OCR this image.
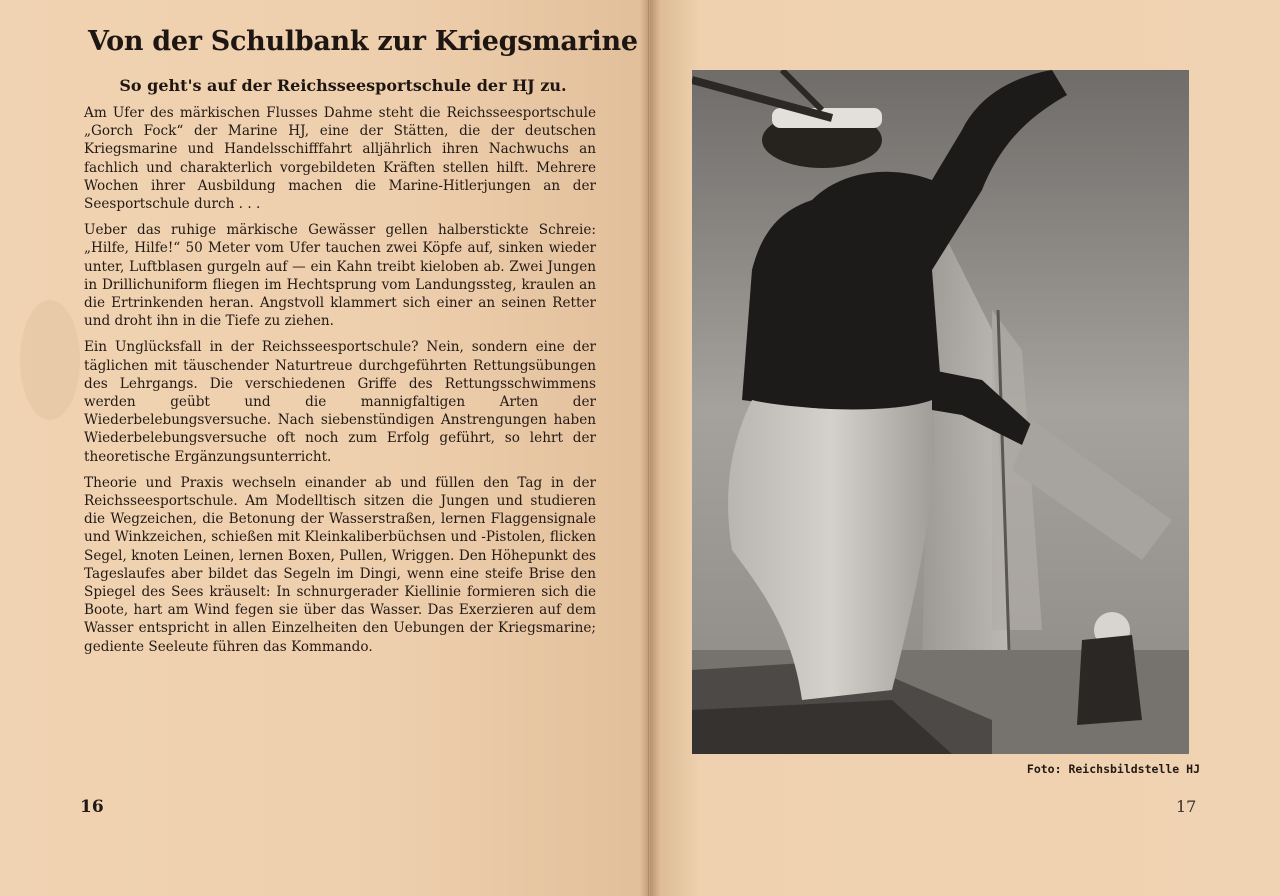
Von der Schulbank zur Kriegsmarine
So geht's auf der Reichsseesportschule der HJ zu.

Am Ufer des märkischen Flusses Dahme steht die Reichsseesportschule „Gorch Fock“ der Marine HJ, eine der Stätten, die der deutschen Kriegsmarine und Handelsschifffahrt alljährlich ihren Nachwuchs an fachlich und charakterlich vorgebildeten Kräften stellen hilft. Mehrere Wochen ihrer Ausbildung machen die Marine-Hitlerjungen an der Seesportschule durch . . .

Ueber das ruhige märkische Gewässer gellen halberstickte Schreie: „Hilfe, Hilfe!“ 50 Meter vom Ufer tauchen zwei Köpfe auf, sinken wieder unter, Luftblasen gurgeln auf — ein Kahn treibt kieloben ab. Zwei Jungen in Drillichuniform fliegen im Hechtsprung vom Landungssteg, kraulen an die Ertrinkenden heran. Angstvoll klammert sich einer an seinen Retter und droht ihn in die Tiefe zu ziehen.

Ein Unglücksfall in der Reichsseesportschule? Nein, sondern eine der täglichen mit täuschender Naturtreue durchgeführten Rettungsübungen des Lehrgangs. Die verschiedenen Griffe des Rettungsschwimmens werden geübt und die mannigfaltigen Arten der Wiederbelebungsversuche. Nach siebenstündigen Anstrengungen haben Wiederbelebungsversuche oft noch zum Erfolg geführt, so lehrt der theoretische Ergänzungsunterricht.

Theorie und Praxis wechseln einander ab und füllen den Tag in der Reichsseesportschule. Am Modelltisch sitzen die Jungen und studieren die Wegzeichen, die Betonung der Wasserstraßen, lernen Flaggensignale und Winkzeichen, schießen mit Kleinkaliberbüchsen und -Pistolen, flicken Segel, knoten Leinen, lernen Boxen, Pullen, Wriggen. Den Höhepunkt des Tageslaufes aber bildet das Segeln im Dingi, wenn eine steife Brise den Spiegel des Sees kräuselt: In schnurgerader Kiellinie formieren sich die Boote, hart am Wind fegen sie über das Wasser. Das Exerzieren auf dem Wasser entspricht in allen Einzelheiten den Uebungen der Kriegsmarine; gediente Seeleute führen das Kommando.

16
Foto: Reichsbildstelle HJ
17
